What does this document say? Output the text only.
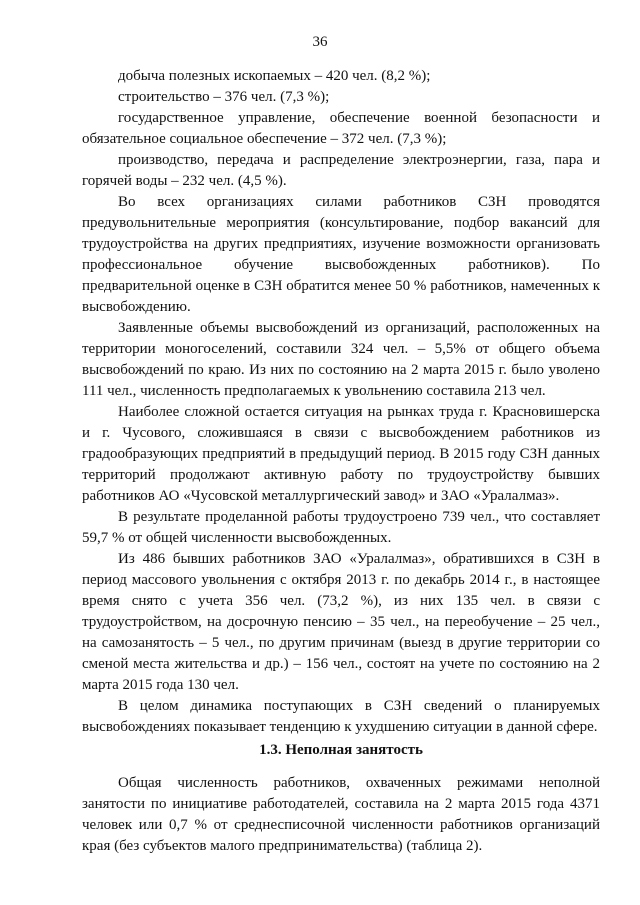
36

добыча полезных ископаемых – 420 чел. (8,2 %);

строительство – 376 чел. (7,3 %);

государственное управление, обеспечение военной безопасности и обязательное социальное обеспечение – 372 чел. (7,3 %);

производство, передача и распределение электроэнергии, газа, пара и горячей воды – 232 чел. (4,5 %).

Во всех организациях силами работников СЗН проводятся предувольнительные мероприятия (консультирование, подбор вакансий для трудоустройства на других предприятиях, изучение возможности организовать профессиональное обучение высвобожденных работников). По предварительной оценке в СЗН обратится менее 50 % работников, намеченных к высвобождению.

Заявленные объемы высвобождений из организаций, расположенных на территории моногоселений, составили 324 чел. – 5,5% от общего объема высвобождений по краю. Из них по состоянию на 2 марта 2015 г. было уволено 111 чел., численность предполагаемых к увольнению составила 213 чел.

Наиболее сложной остается ситуация на рынках труда г. Красновишерска и г. Чусового, сложившаяся в связи с высвобождением работников из градообразующих предприятий в предыдущий период. В 2015 году СЗН данных территорий продолжают активную работу по трудоустройству бывших работников АО «Чусовской металлургический завод» и ЗАО «Уралалмаз».

В результате проделанной работы трудоустроено 739 чел., что составляет 59,7 % от общей численности высвобожденных.

Из 486 бывших работников ЗАО «Уралалмаз», обратившихся в СЗН в период массового увольнения с октября 2013 г. по декабрь 2014 г., в настоящее время снято с учета 356 чел. (73,2 %), из них 135 чел. в связи с трудоустройством, на досрочную пенсию – 35 чел., на переобучение – 25 чел., на самозанятость – 5 чел., по другим причинам (выезд в другие территории со сменой места жительства и др.) – 156 чел., состоят на учете по состоянию на 2 марта 2015 года 130 чел.

В целом динамика поступающих в СЗН сведений о планируемых высвобождениях показывает тенденцию к ухудшению ситуации в данной сфере.

1.3. Неполная занятость

Общая численность работников, охваченных режимами неполной занятости по инициативе работодателей, составила на 2 марта 2015 года 4371 человек или 0,7 % от среднесписочной численности работников организаций края (без субъектов малого предпринимательства) (таблица 2).
